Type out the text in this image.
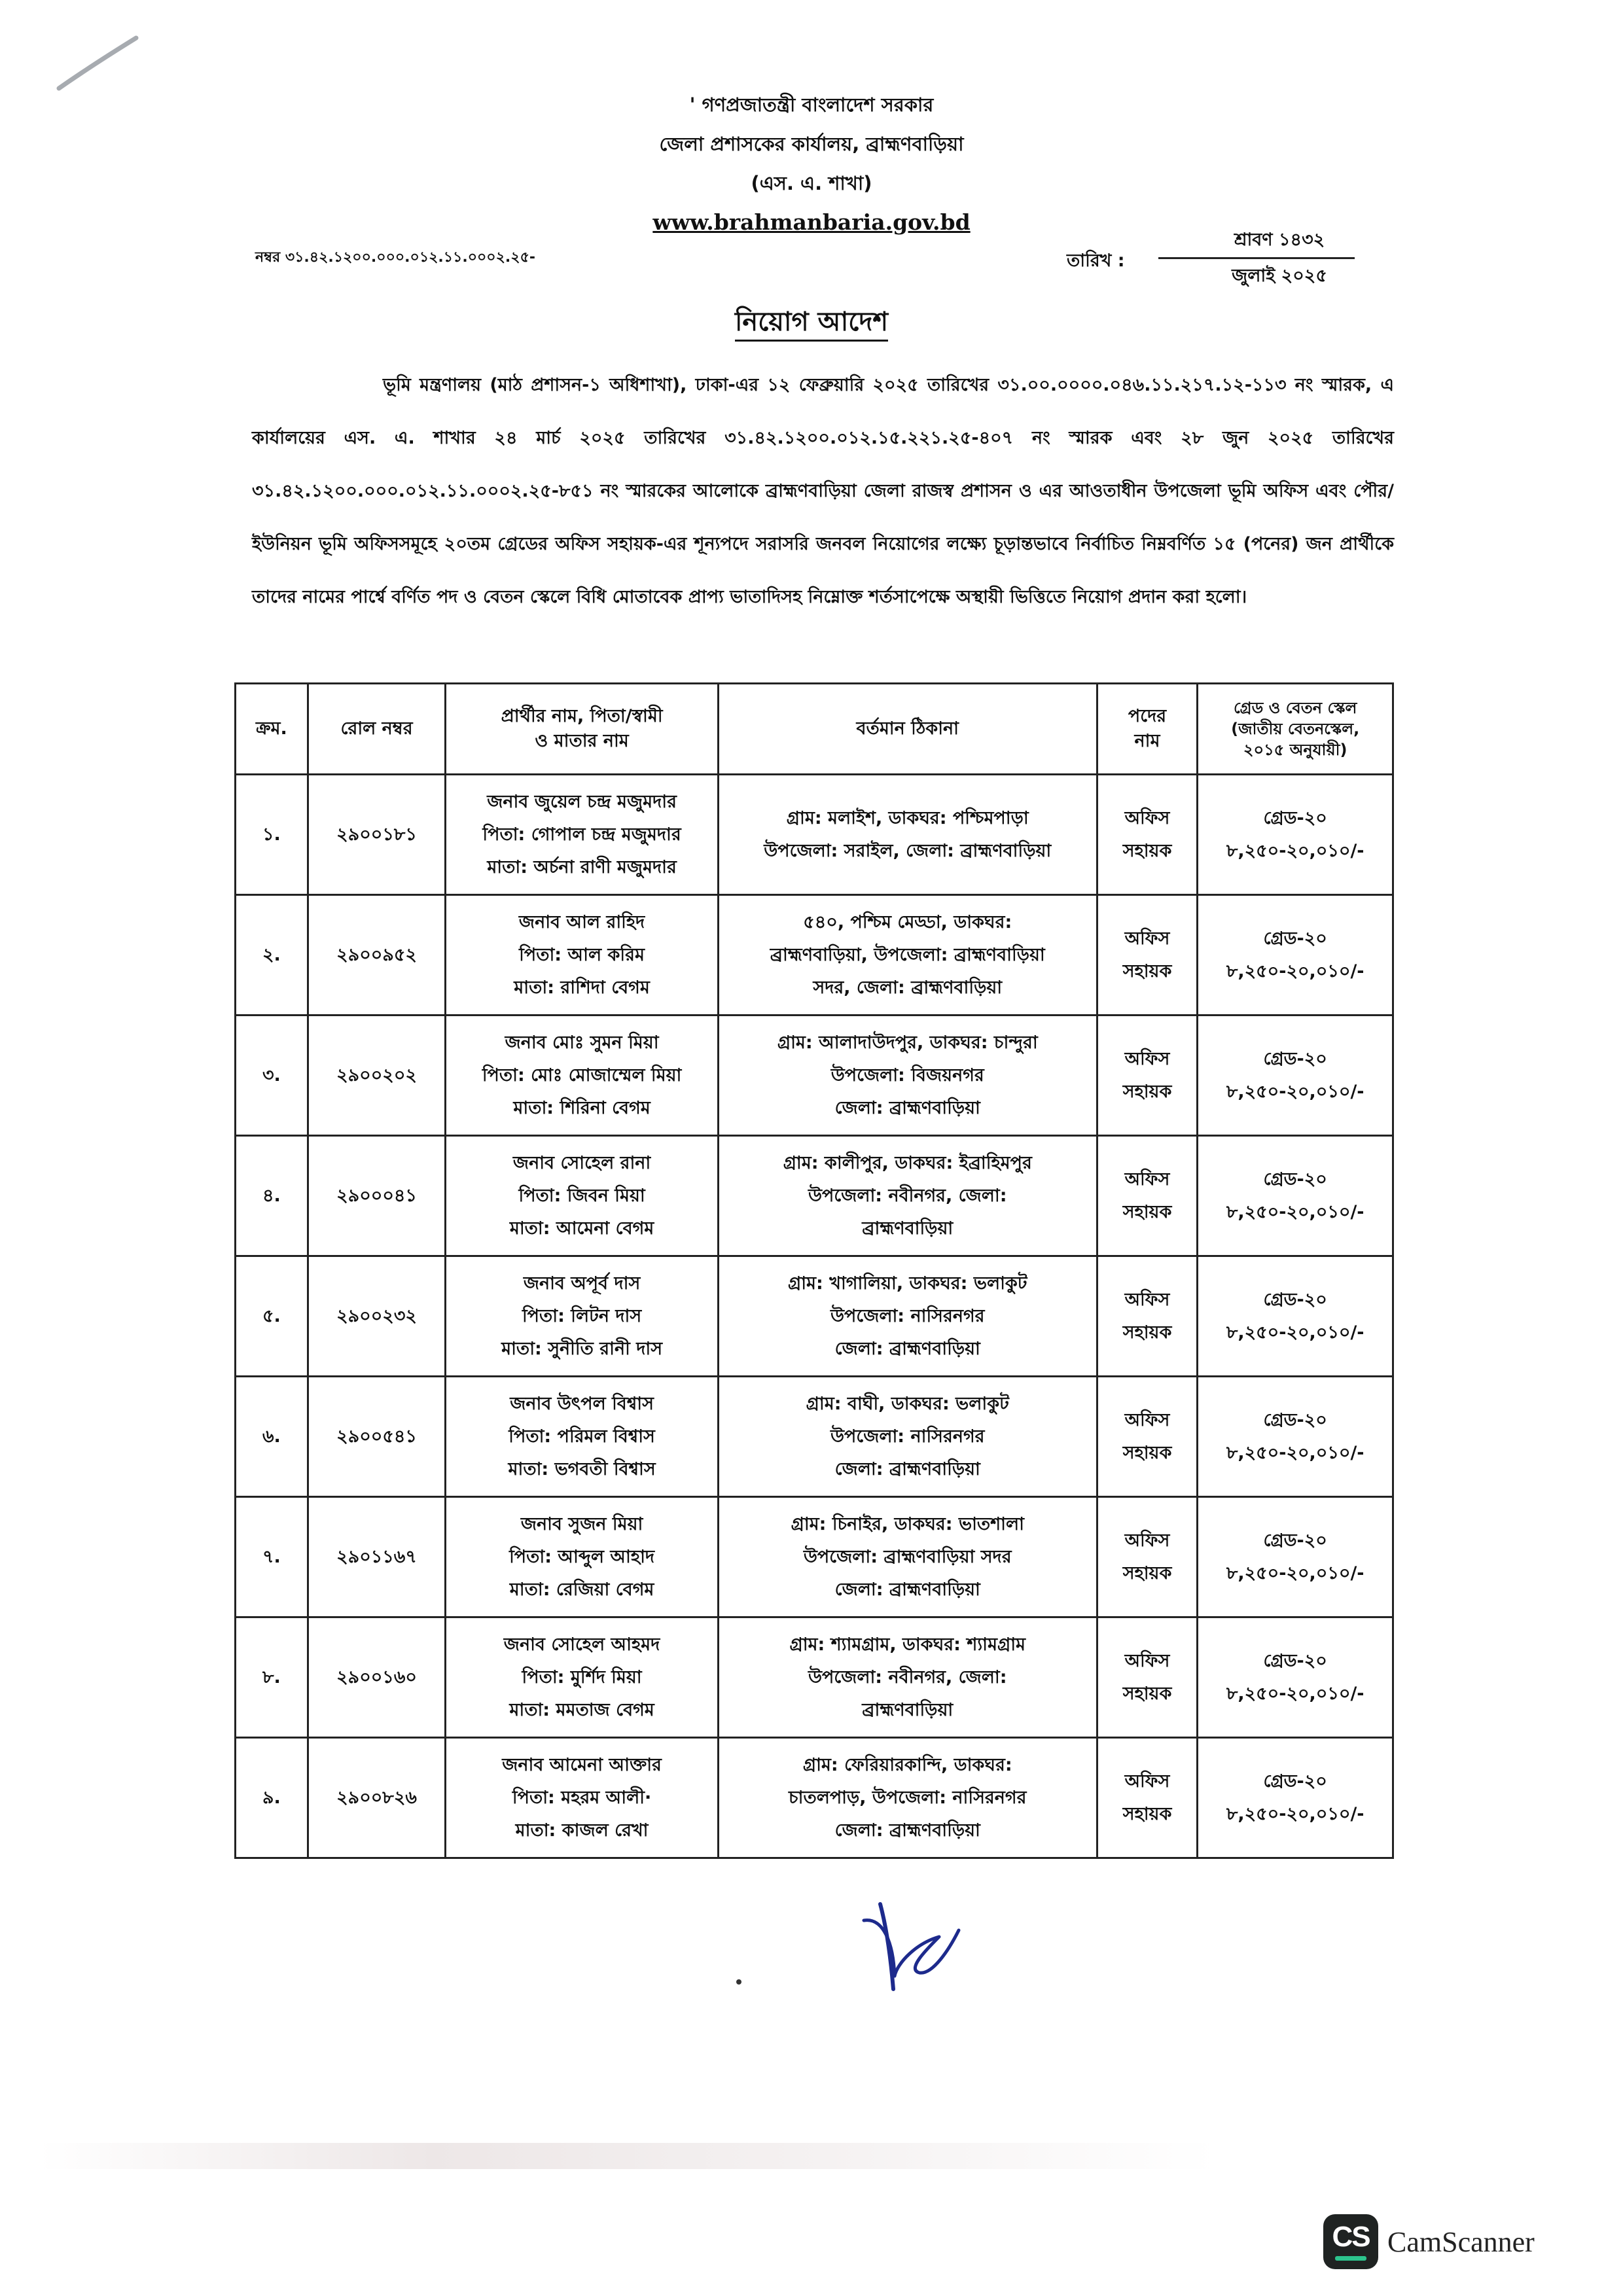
' গণপ্রজাতন্ত্রী বাংলাদেশ সরকার
জেলা প্রশাসকের কার্যালয়, ব্রাহ্মণবাড়িয়া
(এস. এ. শাখা)
www.brahmanbaria.gov.bd
নম্বর ৩১.৪২.১২০০.০০০.০১২.১১.০০০২.২৫-	তারিখ :
শ্রাবণ ১৪৩২
জুলাই ২০২৫
নিয়োগ আদেশ
ভূমি মন্ত্রণালয় (মাঠ প্রশাসন-১ অধিশাখা), ঢাকা-এর ১২ ফেব্রুয়ারি ২০২৫ তারিখের ৩১.০০.০০০০.০৪৬.১১.২১৭.১২-১১৩ নং স্মারক, এ কার্যালয়ের এস. এ. শাখার ২৪ মার্চ ২০২৫ তারিখের ৩১.৪২.১২০০.০১২.১৫.২২১.২৫-৪০৭ নং স্মারক এবং ২৮ জুন ২০২৫ তারিখের ৩১.৪২.১২০০.০০০.০১২.১১.০০০২.২৫-৮৫১ নং স্মারকের আলোকে ব্রাহ্মণবাড়িয়া জেলা রাজস্ব প্রশাসন ও এর আওতাধীন উপজেলা ভূমি অফিস এবং পৌর/ইউনিয়ন ভূমি অফিসসমূহে ২০তম গ্রেডের অফিস সহায়ক-এর শূন্যপদে সরাসরি জনবল নিয়োগের লক্ষ্যে চূড়ান্তভাবে নির্বাচিত নিম্নবর্ণিত ১৫ (পনের) জন প্রার্থীকে তাদের নামের পার্শ্বে বর্ণিত পদ ও বেতন স্কেলে বিধি মোতাবেক প্রাপ্য ভাতাদিসহ নিম্নোক্ত শর্তসাপেক্ষে অস্থায়ী ভিত্তিতে নিয়োগ প্রদান করা হলো।
ক্রম.	রোল নম্বর	প্রার্থীর নাম, পিতা/স্বামী
ও মাতার নাম	বর্তমান ঠিকানা	পদের
নাম	গ্রেড ও বেতন স্কেল
(জাতীয় বেতনস্কেল,
২০১৫ অনুযায়ী)

১.	২৯০০১৮১	জনাব জুয়েল চন্দ্র মজুমদার
পিতা: গোপাল চন্দ্র মজুমদার
মাতা: অর্চনা রাণী মজুমদার	গ্রাম: মলাইশ, ডাকঘর: পশ্চিমপাড়া
উপজেলা: সরাইল, জেলা: ব্রাহ্মণবাড়িয়া	অফিস
সহায়ক	গ্রেড-২০
৮,২৫০-২০,০১০/-

২.	২৯০০৯৫২	জনাব আল রাহিদ
পিতা: আল করিম
মাতা: রাশিদা বেগম	৫৪০, পশ্চিম মেড্ডা, ডাকঘর:
ব্রাহ্মণবাড়িয়া, উপজেলা: ব্রাহ্মণবাড়িয়া
সদর, জেলা: ব্রাহ্মণবাড়িয়া	অফিস
সহায়ক	গ্রেড-২০
৮,২৫০-২০,০১০/-

৩.	২৯০০২০২	জনাব মোঃ সুমন মিয়া
পিতা: মোঃ মোজাম্মেল মিয়া
মাতা: শিরিনা বেগম	গ্রাম: আলাদাউদপুর, ডাকঘর: চান্দুরা
উপজেলা: বিজয়নগর
জেলা: ব্রাহ্মণবাড়িয়া	অফিস
সহায়ক	গ্রেড-২০
৮,২৫০-২০,০১০/-

৪.	২৯০০০৪১	জনাব সোহেল রানা
পিতা: জিবন মিয়া
মাতা: আমেনা বেগম	গ্রাম: কালীপুর, ডাকঘর: ইব্রাহিমপুর
উপজেলা: নবীনগর, জেলা:
ব্রাহ্মণবাড়িয়া	অফিস
সহায়ক	গ্রেড-২০
৮,২৫০-২০,০১০/-

৫.	২৯০০২৩২	জনাব অপূর্ব দাস
পিতা: লিটন দাস
মাতা: সুনীতি রানী দাস	গ্রাম: খাগালিয়া, ডাকঘর: ভলাকুট
উপজেলা: নাসিরনগর
জেলা: ব্রাহ্মণবাড়িয়া	অফিস
সহায়ক	গ্রেড-২০
৮,২৫০-২০,০১০/-

৬.	২৯০০৫৪১	জনাব উৎপল বিশ্বাস
পিতা: পরিমল বিশ্বাস
মাতা: ভগবতী বিশ্বাস	গ্রাম: বাঘী, ডাকঘর: ভলাকুট
উপজেলা: নাসিরনগর
জেলা: ব্রাহ্মণবাড়িয়া	অফিস
সহায়ক	গ্রেড-২০
৮,২৫০-২০,০১০/-

৭.	২৯০১১৬৭	জনাব সুজন মিয়া
পিতা: আব্দুল আহাদ
মাতা: রেজিয়া বেগম	গ্রাম: চিনাইর, ডাকঘর: ভাতশালা
উপজেলা: ব্রাহ্মণবাড়িয়া সদর
জেলা: ব্রাহ্মণবাড়িয়া	অফিস
সহায়ক	গ্রেড-২০
৮,২৫০-২০,০১০/-

৮.	২৯০০১৬০	জনাব সোহেল আহমদ
পিতা: মুর্শিদ মিয়া
মাতা: মমতাজ বেগম	গ্রাম: শ্যামগ্রাম, ডাকঘর: শ্যামগ্রাম
উপজেলা: নবীনগর, জেলা:
ব্রাহ্মণবাড়িয়া	অফিস
সহায়ক	গ্রেড-২০
৮,২৫০-২০,০১০/-

৯.	২৯০০৮২৬	জনাব আমেনা আক্তার
পিতা: মহরম আলী·
মাতা: কাজল রেখা	গ্রাম: ফেরিয়ারকান্দি, ডাকঘর:
চাতলপাড়, উপজেলা: নাসিরনগর
জেলা: ব্রাহ্মণবাড়িয়া	অফিস
সহায়ক	গ্রেড-২০
৮,২৫০-২০,০১০/-
CS CamScanner
